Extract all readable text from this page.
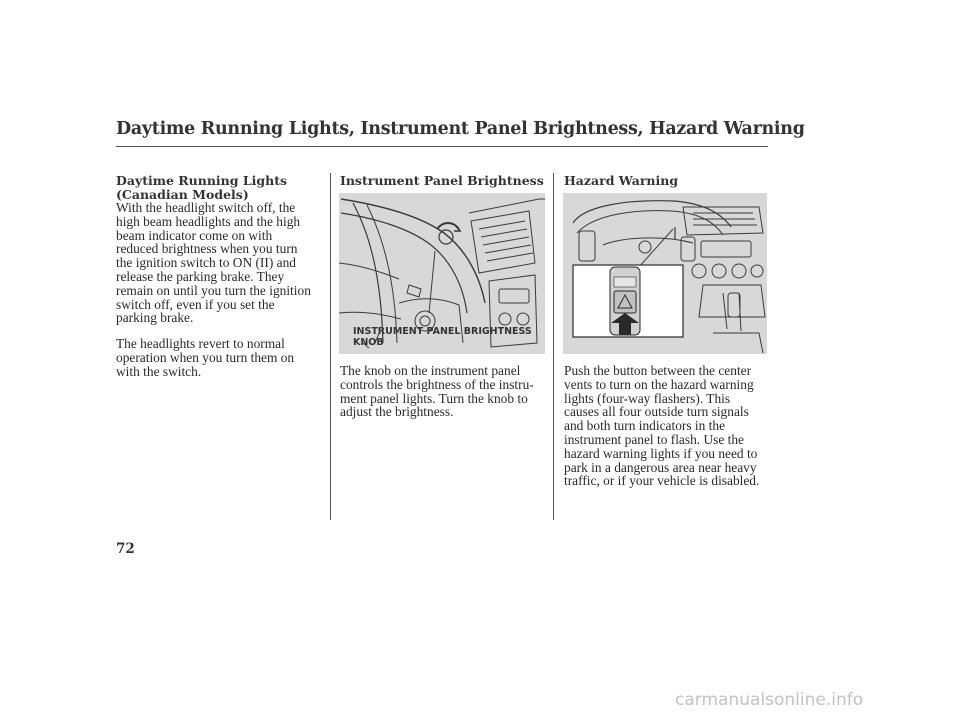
Daytime Running Lights, Instrument Panel Brightness, Hazard Warning
Daytime Running Lights
(Canadian Models)

With the headlight switch off, the
high beam headlights and the high
beam indicator come on with
reduced brightness when you turn
the ignition switch to ON (II) and
release the parking brake. They
remain on until you turn the ignition
switch off, even if you set the
parking brake.

The headlights revert to normal
operation when you turn them on
with the switch.

Instrument Panel Brightness

INSTRUMENT PANEL BRIGHTNESS
KNOB

The knob on the instrument panel
controls the brightness of the instru-
ment panel lights. Turn the knob to
adjust the brightness.

Hazard Warning

Push the button between the center
vents to turn on the hazard warning
lights (four-way flashers). This
causes all four outside turn signals
and both turn indicators in the
instrument panel to flash. Use the
hazard warning lights if you need to
park in a dangerous area near heavy
traffic, or if your vehicle is disabled.

72

carmanualsonline.info
